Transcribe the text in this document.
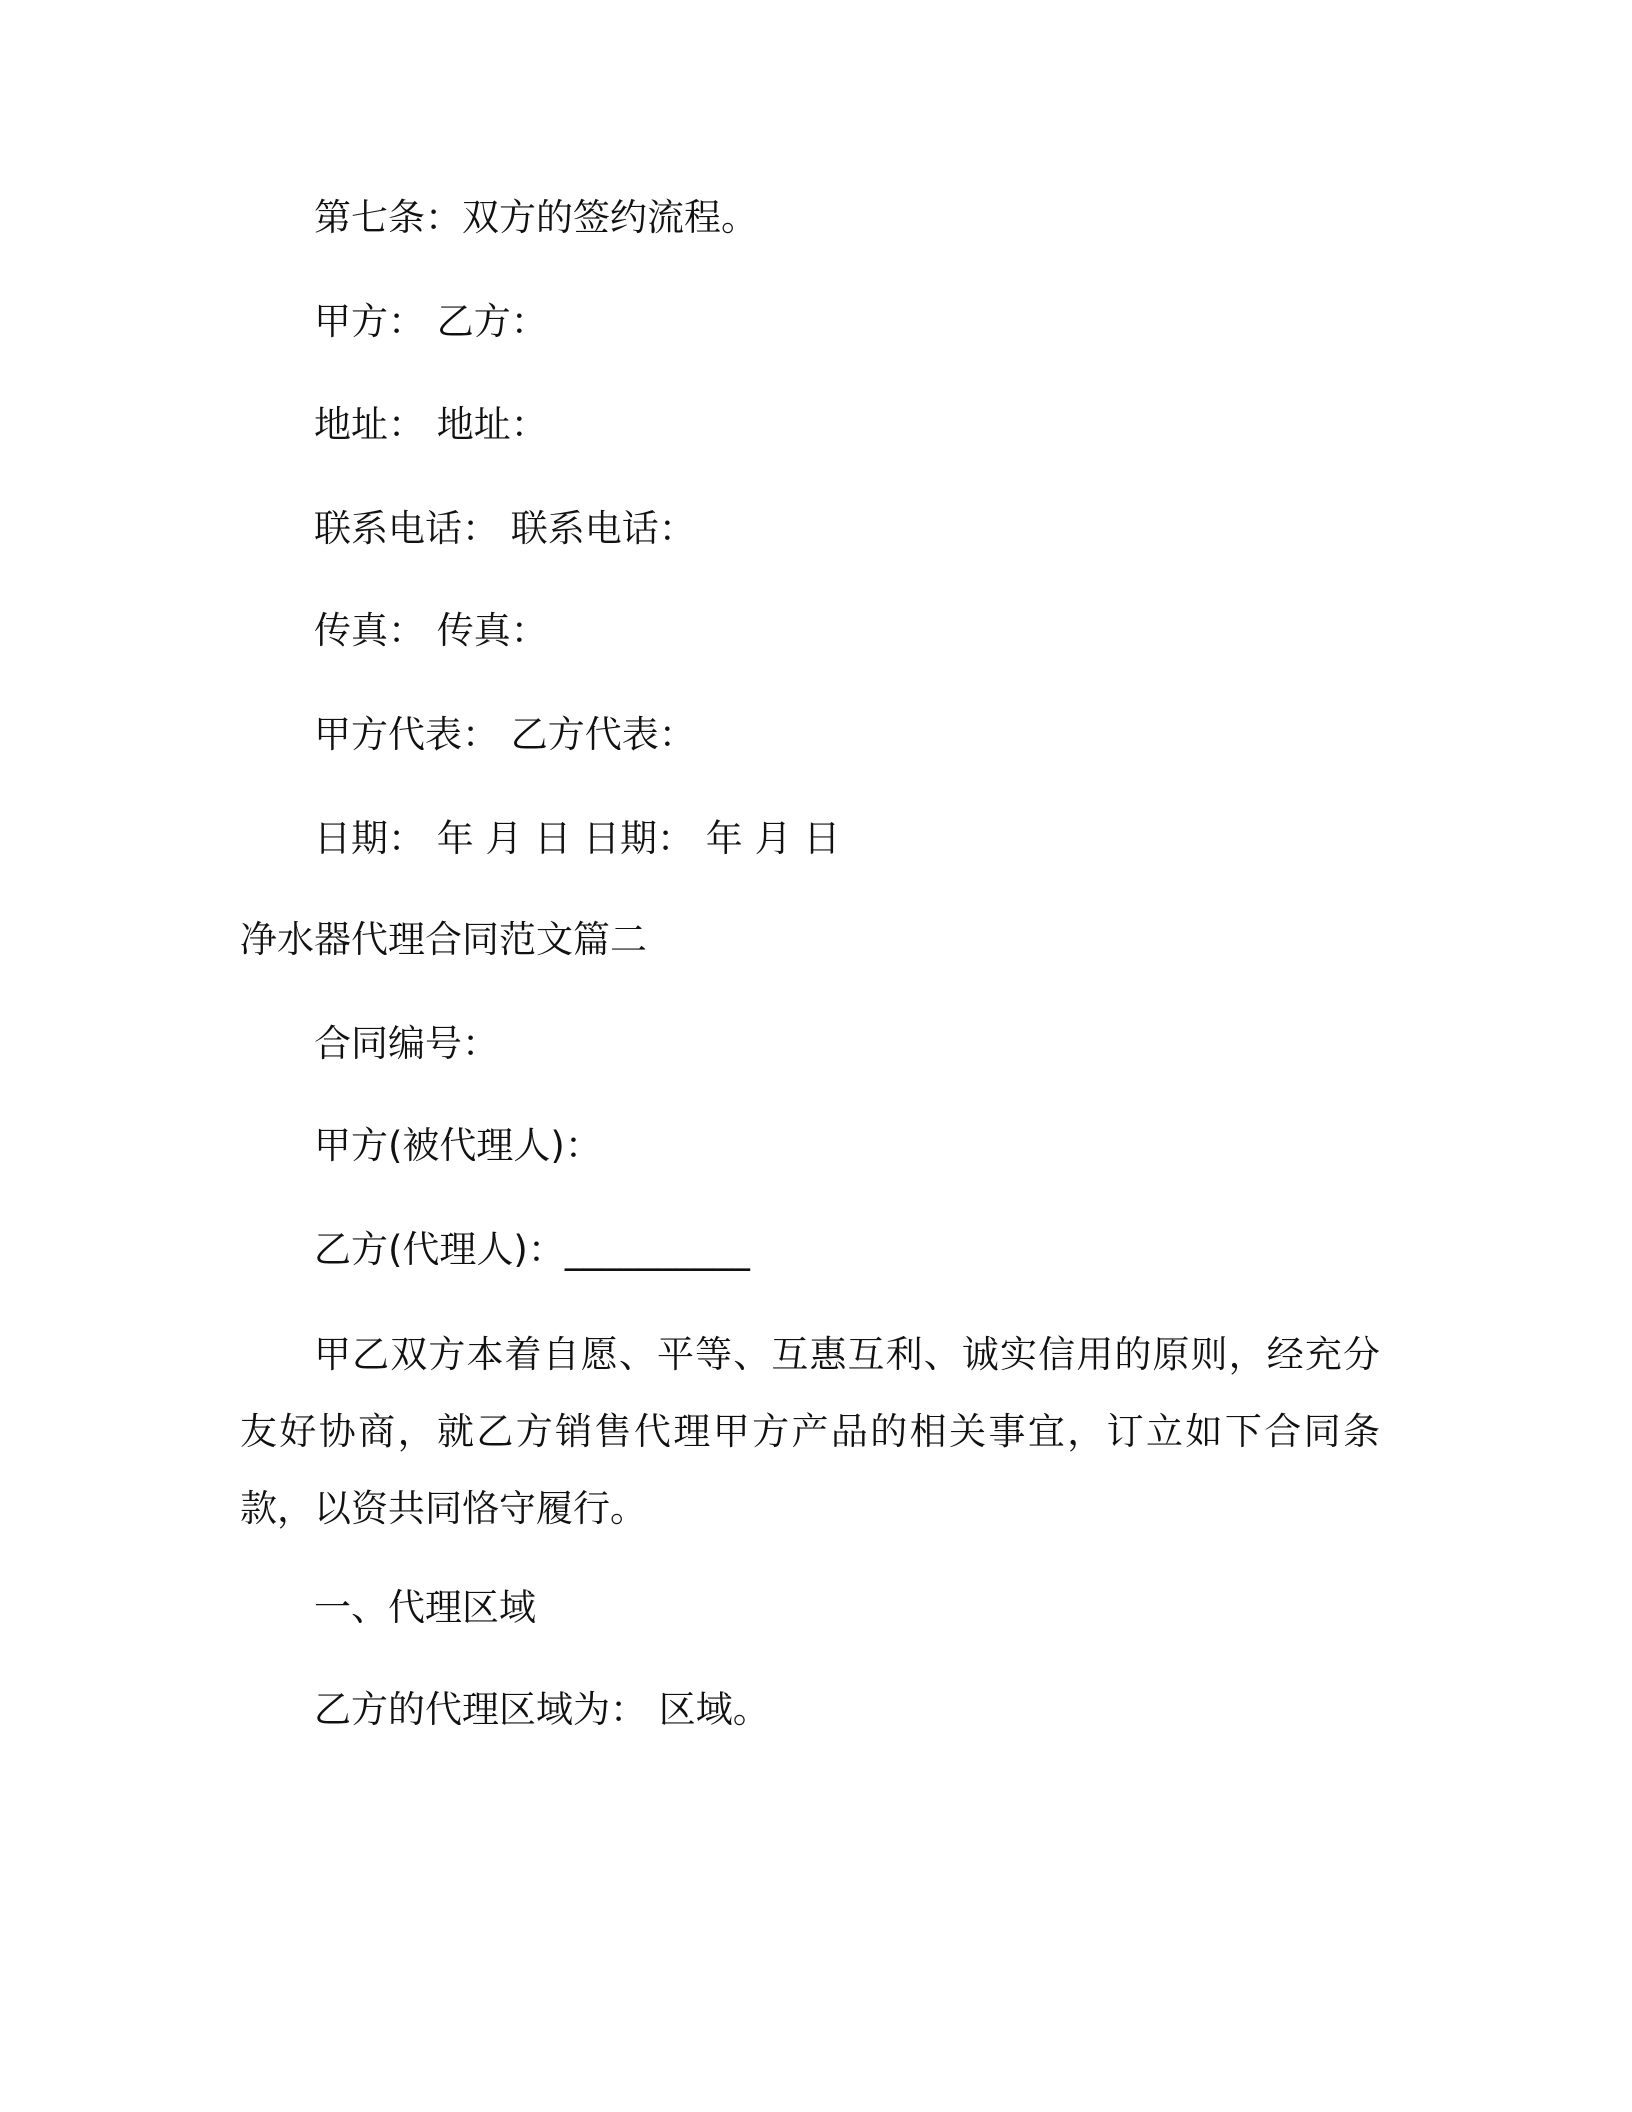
第七条：双方的签约流程。
甲方： 乙方：
地址： 地址：
联系电话： 联系电话：
传真： 传真：
甲方代表： 乙方代表：
日期： 年 月 日 日期： 年 月 日
净水器代理合同范文篇二
合同编号：
甲方(被代理人)：
乙方(代理人)：__________
甲乙双方本着自愿、平等、互惠互利、诚实信用的原则，经充分友好协商，就乙方销售代理甲方产品的相关事宜，订立如下合同条款，以资共同恪守履行。
一、代理区域
乙方的代理区域为： 区域。
